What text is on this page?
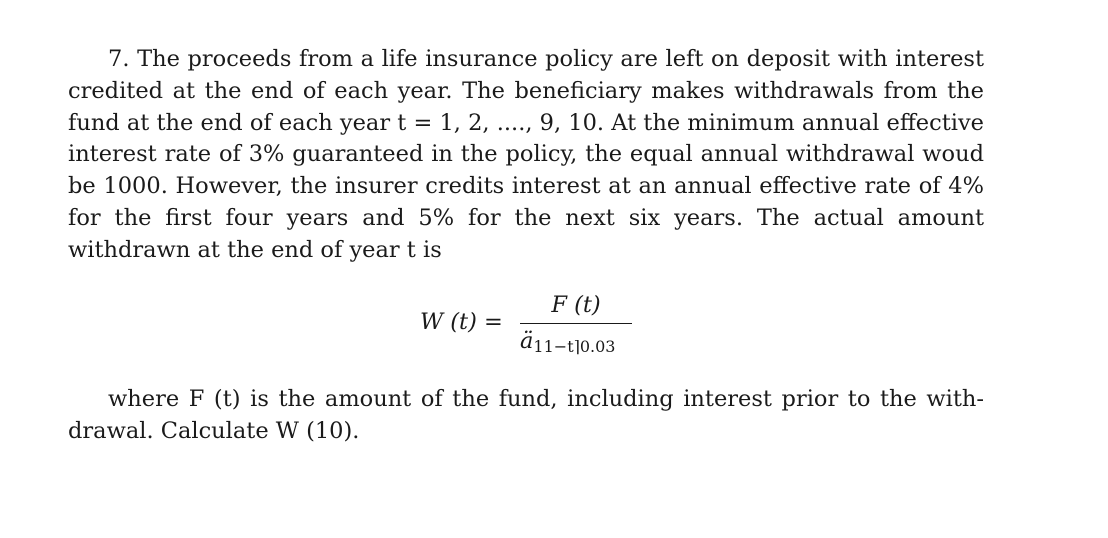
7. The proceeds from a life insurance policy are left on deposit with interest credited at the end of each year. The beneficiary makes withdrawals from the fund at the end of each year t = 1, 2, ...., 9, 10. At the minimum annual effective interest rate of 3% guaranteed in the policy, the equal annual withdrawal woud be 1000. However, the insurer credits interest at an annual effective rate of 4% for the first four years and 5% for the next six years. The actual amount withdrawn at the end of year t is

W (t) =
F (t)
ä11−t⌉0.03

where F (t) is the amount of the fund, including interest prior to the with-drawal. Calculate W (10).
